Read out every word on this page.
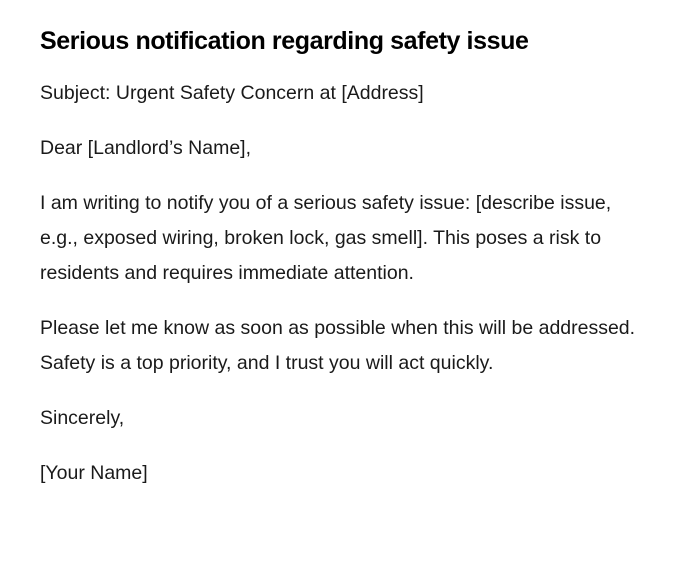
Serious notification regarding safety issue

Subject: Urgent Safety Concern at [Address]

Dear [Landlord’s Name],

I am writing to notify you of a serious safety issue: [describe issue, e.g., exposed wiring, broken lock, gas smell]. This poses a risk to residents and requires immediate attention.

Please let me know as soon as possible when this will be addressed. Safety is a top priority, and I trust you will act quickly.

Sincerely,

[Your Name]
